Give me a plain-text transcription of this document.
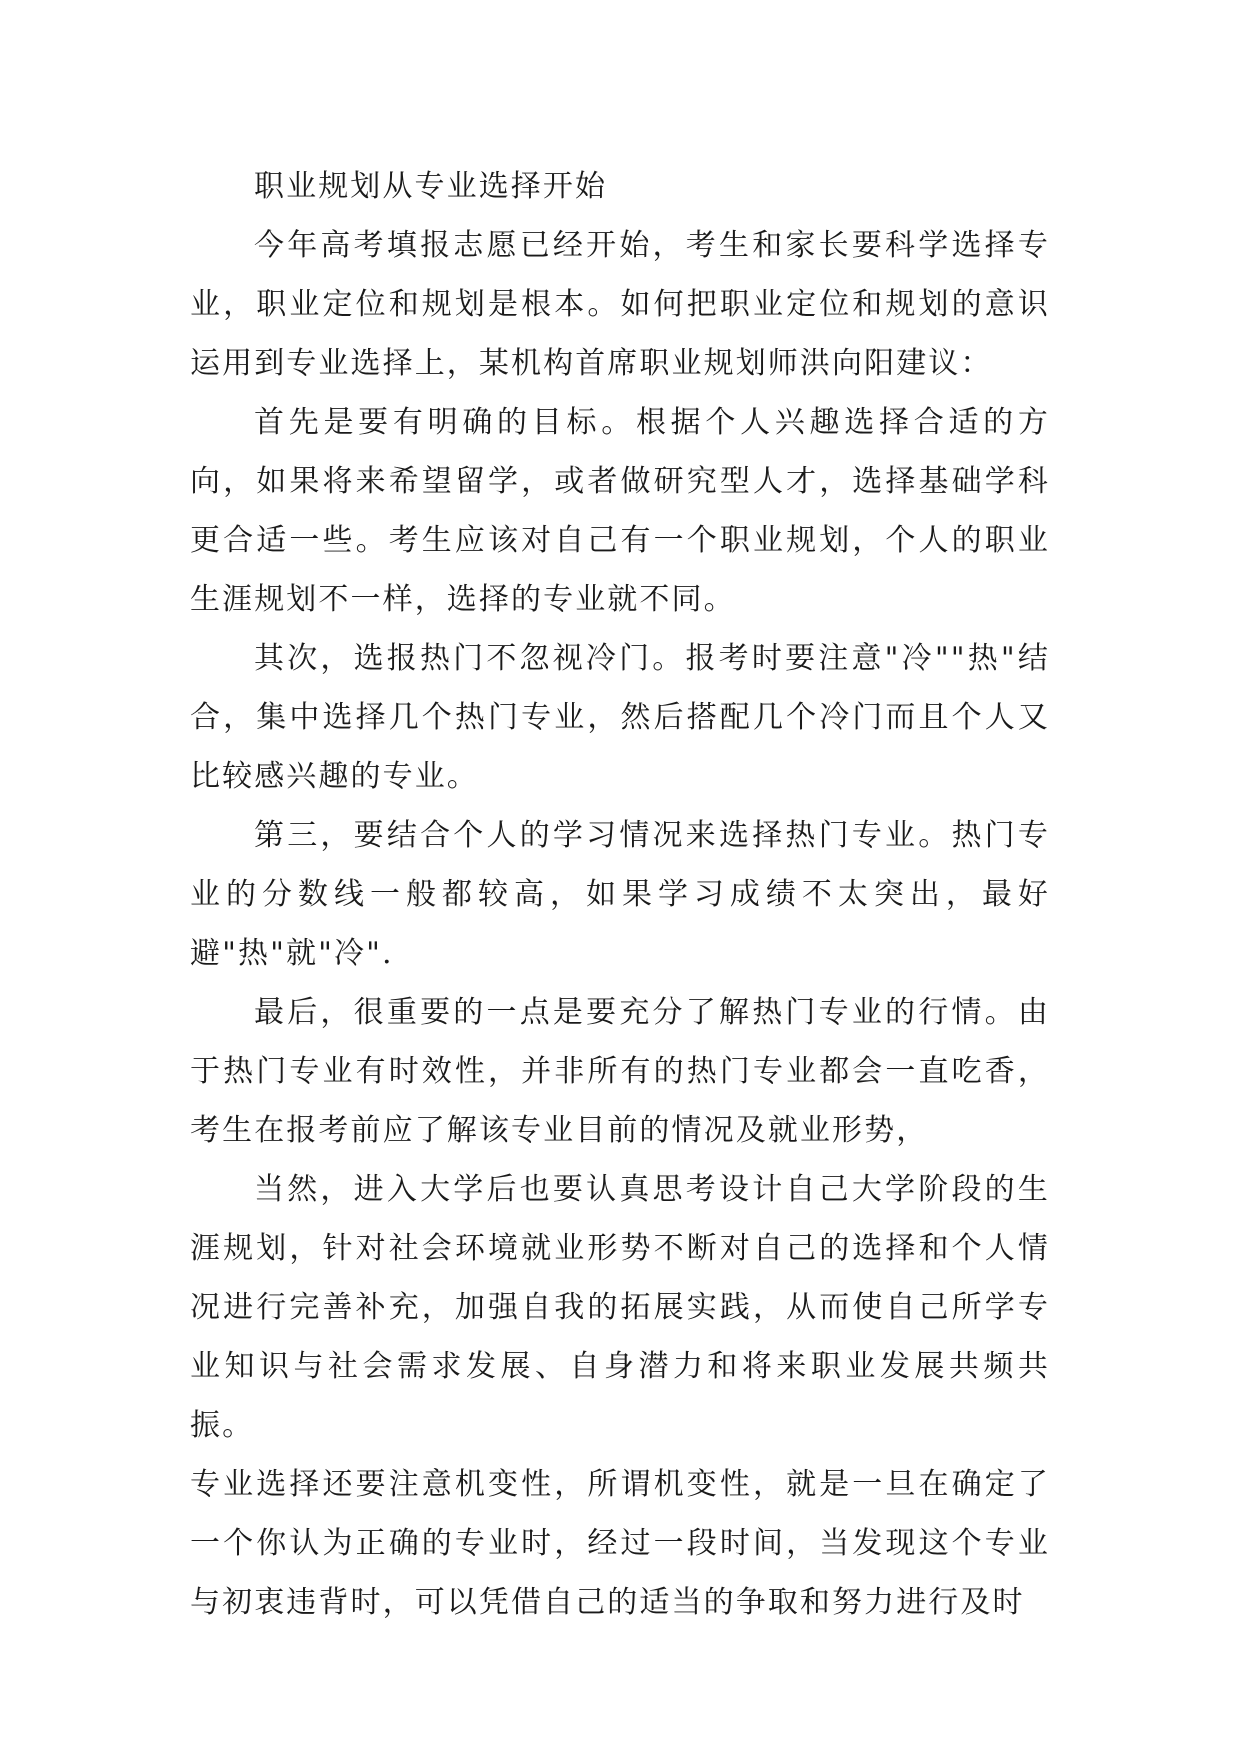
职业规划从专业选择开始

今年高考填报志愿已经开始，考生和家长要科学选择专业，职业定位和规划是根本。如何把职业定位和规划的意识运用到专业选择上，某机构首席职业规划师洪向阳建议：

首先是要有明确的目标。根据个人兴趣选择合适的方向，如果将来希望留学，或者做研究型人才，选择基础学科更合适一些。考生应该对自己有一个职业规划，个人的职业生涯规划不一样，选择的专业就不同。

其次，选报热门不忽视冷门。报考时要注意"冷""热"结合，集中选择几个热门专业，然后搭配几个冷门而且个人又比较感兴趣的专业。

第三，要结合个人的学习情况来选择热门专业。热门专业的分数线一般都较高，如果学习成绩不太突出，最好避"热"就"冷".

最后，很重要的一点是要充分了解热门专业的行情。由于热门专业有时效性，并非所有的热门专业都会一直吃香，考生在报考前应了解该专业目前的情况及就业形势，

当然，进入大学后也要认真思考设计自己大学阶段的生涯规划，针对社会环境就业形势不断对自己的选择和个人情况进行完善补充，加强自我的拓展实践，从而使自己所学专业知识与社会需求发展、自身潜力和将来职业发展共频共振。

专业选择还要注意机变性，所谓机变性，就是一旦在确定了一个你认为正确的专业时，经过一段时间，当发现这个专业与初衷违背时，可以凭借自己的适当的争取和努力进行及时
